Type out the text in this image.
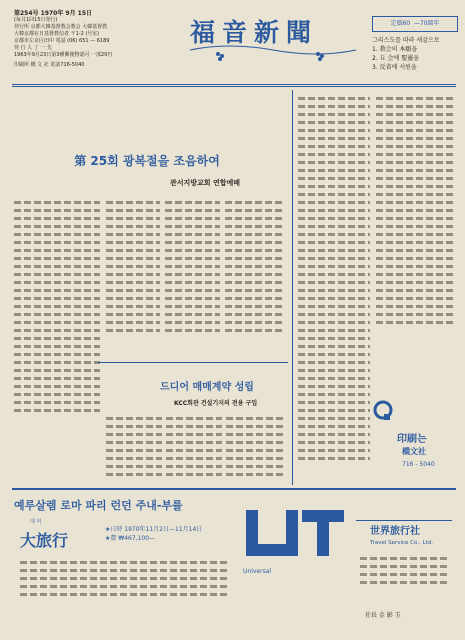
第254号 1970年 9月 15日
(毎月1回15日発行)
発行所 京都大韓基督教会教会 大韓基督教
大韓京都在日基督教信者 〒1-2 (号室)
京都市左京区田中 電話 (06) 651 — 6189
発 行 人 丁 一 先
1963年9月23日第3種郵便物認可 一部20円
印刷所 橋 文 社 電話716-5040
福音新聞	定價60  —70圓年
그리스도를 따라 새살으로
1. 教会의 本願을
2. 丘 会에 聖靈을
3. 反省에 서원을
第 25회 광복절을 조음하여
관서지방교회 연합예배
드디어 매매계약 성립
KCC회관 건설기지의 전용 구입
印刷는
橋文社
716 - 5040
예루살렘 로마 파리 런던 주내-부를
대 여
大旅行
★日時 1970年11月2日—11月14日
★費 ₩467,100—
Universal
世界旅行社
Travel Service Co., Ltd.
社長 金 影 玉
